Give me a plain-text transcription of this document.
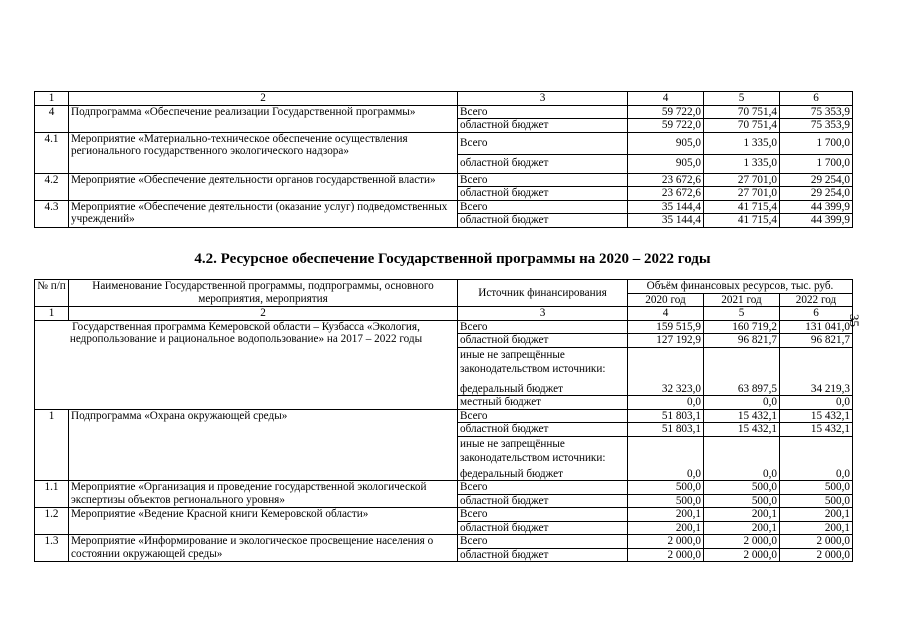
1	2	3	4	5	6
4	Подпрограмма «Обеспечение реализации Государственной программы»	Всего	59 722,0	70 751,4	75 353,9
		областной бюджет	59 722,0	70 751,4	75 353,9
4.1	Мероприятие «Материально-техническое обеспечение осуществления регионального государственного экологического надзора»	Всего	905,0	1 335,0	1 700,0
		областной бюджет	905,0	1 335,0	1 700,0
4.2	Мероприятие «Обеспечение деятельности органов государственной власти»	Всего	23 672,6	27 701,0	29 254,0
		областной бюджет	23 672,6	27 701,0	29 254,0
4.3	Мероприятие «Обеспечение деятельности (оказание услуг) подведомственных учреждений»	Всего	35 144,4	41 715,4	44 399,9
		областной бюджет	35 144,4	41 715,4	44 399,9
4.2. Ресурсное обеспечение Государственной программы на 2020 – 2022 годы
35
№ п/п	Наименование Государственной программы, подпрограммы, основного мероприятия, мероприятия	Источник финансирования	Объём финансовых ресурсов, тыс. руб.		
			2020 год	2021 год	2022 год
1	2	3	4	5	6
Государственная программа Кемеровской области – Кузбасса «Экология, недропользование и рациональное водопользование» на 2017 – 2022 годы		Всего	159 515,9	160 719,2	131 041,0
		областной бюджет	127 192,9	96 821,7	96 821,7
		иные не запрещённые законодательством источники:			
		федеральный бюджет	32 323,0	63 897,5	34 219,3
		местный бюджет	0,0	0,0	0,0
1	Подпрограмма «Охрана окружающей среды»	Всего	51 803,1	15 432,1	15 432,1
		областной бюджет	51 803,1	15 432,1	15 432,1
		иные не запрещённые законодательством источники:			
		федеральный бюджет	0,0	0,0	0,0
1.1	Мероприятие «Организация и проведение государственной экологической экспертизы объектов регионального уровня»	Всего	500,0	500,0	500,0
		областной бюджет	500,0	500,0	500,0
1.2	Мероприятие «Ведение Красной книги Кемеровской области»	Всего	200,1	200,1	200,1
		областной бюджет	200,1	200,1	200,1
1.3	Мероприятие «Информирование и экологическое просвещение населения о состоянии окружающей среды»	Всего	2 000,0	2 000,0	2 000,0
		областной бюджет	2 000,0	2 000,0	2 000,0
